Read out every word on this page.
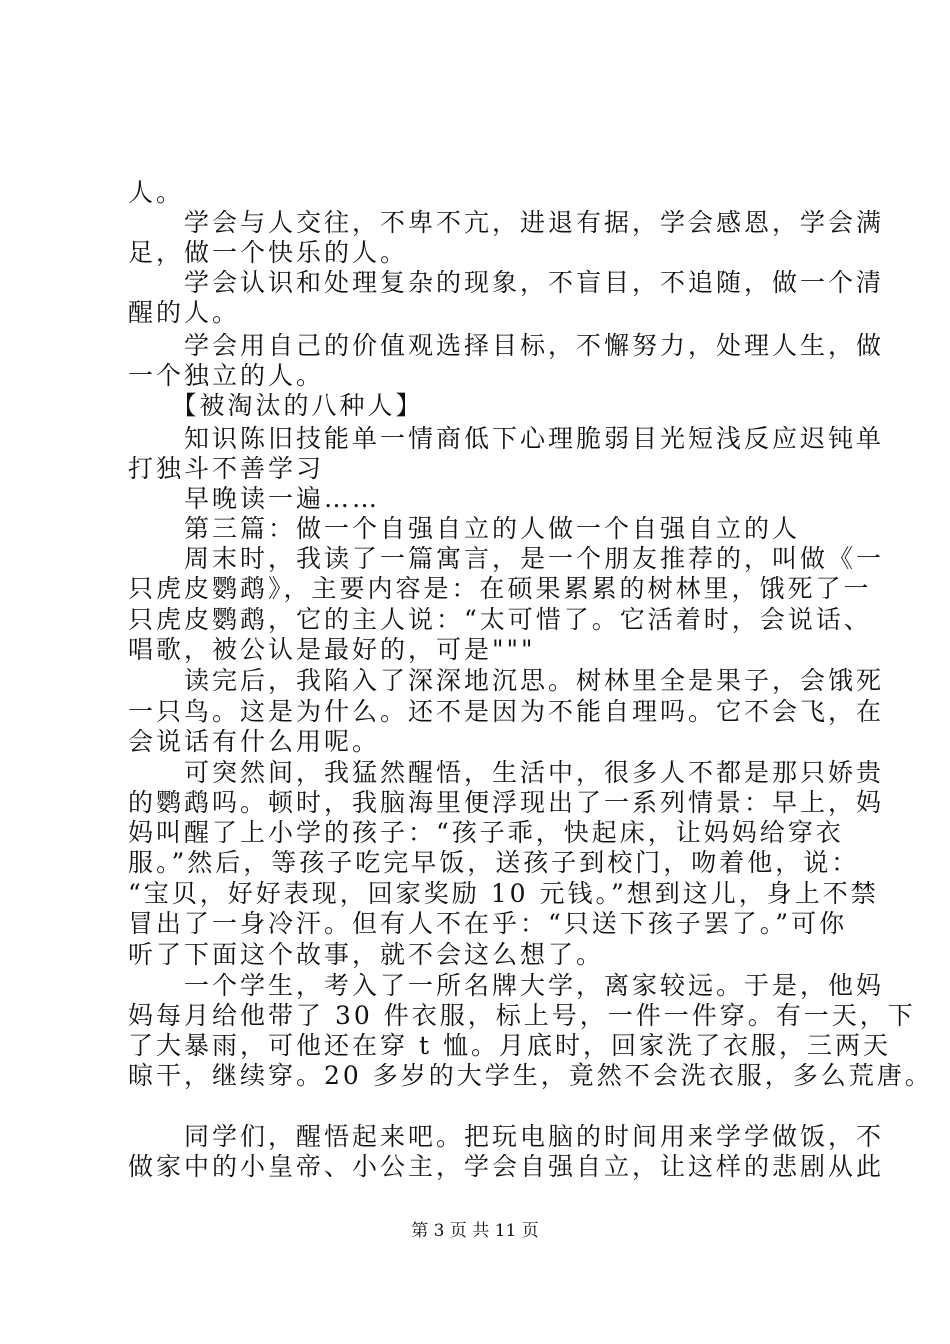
人。
　　学会与人交往，不卑不亢，进退有据，学会感恩，学会满
足，做一个快乐的人。
　　学会认识和处理复杂的现象，不盲目，不追随，做一个清
醒的人。
　　学会用自己的价值观选择目标，不懈努力，处理人生，做
一个独立的人。
　　【被淘汰的八种人】
　　知识陈旧技能单一情商低下心理脆弱目光短浅反应迟钝单
打独斗不善学习
　　早晚读一遍……
　　第三篇：做一个自强自立的人做一个自强自立的人
　　周末时，我读了一篇寓言，是一个朋友推荐的，叫做《一
只虎皮鹦鹉》，主要内容是：在硕果累累的树林里，饿死了一
只虎皮鹦鹉，它的主人说：“太可惜了。它活着时，会说话、
唱歌，被公认是最好的，可是"""
　　读完后，我陷入了深深地沉思。树林里全是果子，会饿死
一只鸟。这是为什么。还不是因为不能自理吗。它不会飞，在
会说话有什么用呢。
　　可突然间，我猛然醒悟，生活中，很多人不都是那只娇贵
的鹦鹉吗。顿时，我脑海里便浮现出了一系列情景：早上，妈
妈叫醒了上小学的孩子：“孩子乖，快起床，让妈妈给穿衣
服。”然后，等孩子吃完早饭，送孩子到校门，吻着他，说：
“宝贝，好好表现，回家奖励 10 元钱。”想到这儿，身上不禁
冒出了一身冷汗。但有人不在乎：“只送下孩子罢了。”可你
听了下面这个故事，就不会这么想了。
　　一个学生，考入了一所名牌大学，离家较远。于是，他妈
妈每月给他带了 30 件衣服，标上号，一件一件穿。有一天，下
了大暴雨，可他还在穿 t 恤。月底时，回家洗了衣服，三两天
晾干，继续穿。20 多岁的大学生，竟然不会洗衣服，多么荒唐。
　　同学们，醒悟起来吧。把玩电脑的时间用来学学做饭，不
做家中的小皇帝、小公主，学会自强自立，让这样的悲剧从此
第 3 页 共 11 页
